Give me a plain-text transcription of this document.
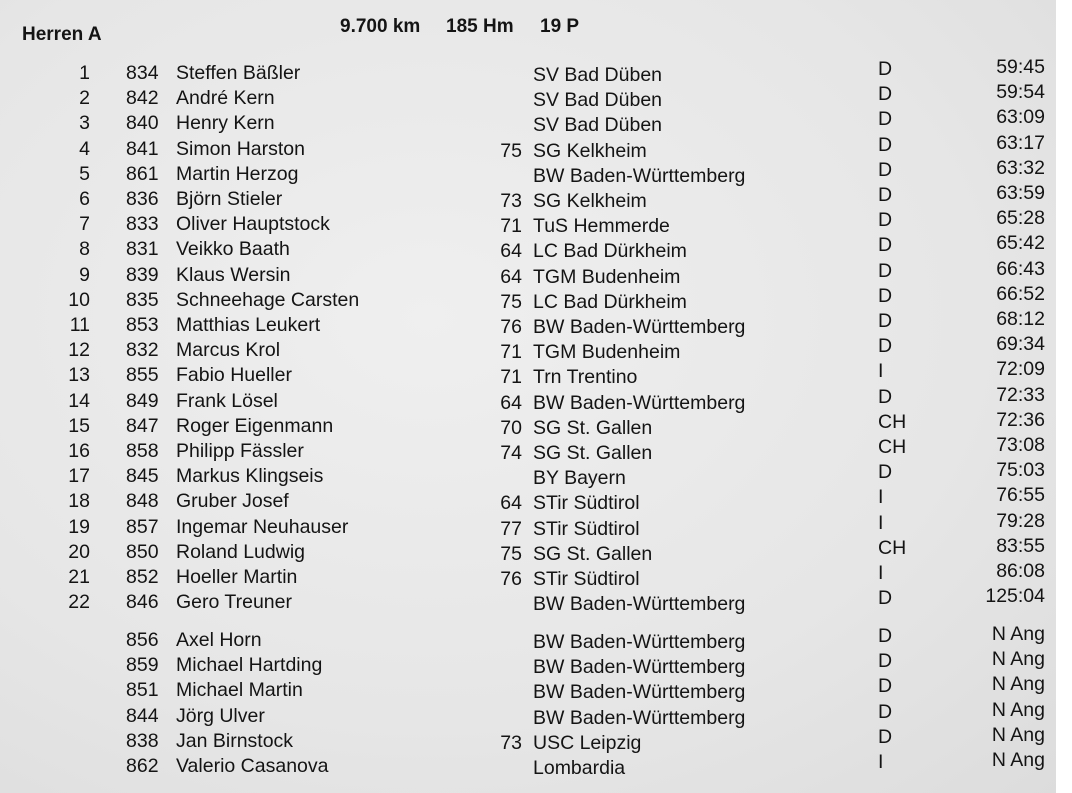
Herren A	9.700 km 185 Hm 19 P
1 834 Steffen Bäßler	SV Bad Düben	D	59:45
2 842 André Kern	SV Bad Düben	D	59:54
3 840 Henry Kern	SV Bad Düben	D	63:09
4 841 Simon Harston	75 SG Kelkheim	D	63:17
5 861 Martin Herzog	BW Baden-Württemberg	D	63:32
6 836 Björn Stieler	73 SG Kelkheim	D	63:59
7 833 Oliver Hauptstock	71 TuS Hemmerde	D	65:28
8 831 Veikko Baath	64 LC Bad Dürkheim	D	65:42
9 839 Klaus Wersin	64 TGM Budenheim	D	66:43
10 835 Schneehage Carsten	75 LC Bad Dürkheim	D	66:52
11 853 Matthias Leukert	76 BW Baden-Württemberg	D	68:12
12 832 Marcus Krol	71 TGM Budenheim	D	69:34
13 855 Fabio Hueller	71 Trn Trentino	I	72:09
14 849 Frank Lösel	64 BW Baden-Württemberg	D	72:33
15 847 Roger Eigenmann	70 SG St. Gallen	CH	72:36
16 858 Philipp Fässler	74 SG St. Gallen	CH	73:08
17 845 Markus Klingseis	BY Bayern	D	75:03
18 848 Gruber Josef	64 STir Südtirol	I	76:55
19 857 Ingemar Neuhauser	77 STir Südtirol	I	79:28
20 850 Roland Ludwig	75 SG St. Gallen	CH	83:55
21 852 Hoeller Martin	76 STir Südtirol	I	86:08
22 846 Gero Treuner	BW Baden-Württemberg	D	125:04
856 Axel Horn	BW Baden-Württemberg	D	N Ang
859 Michael Hartding	BW Baden-Württemberg	D	N Ang
851 Michael Martin	BW Baden-Württemberg	D	N Ang
844 Jörg Ulver	BW Baden-Württemberg	D	N Ang
838 Jan Birnstock	73 USC Leipzig	D	N Ang
862 Valerio Casanova	Lombardia	I	N Ang
